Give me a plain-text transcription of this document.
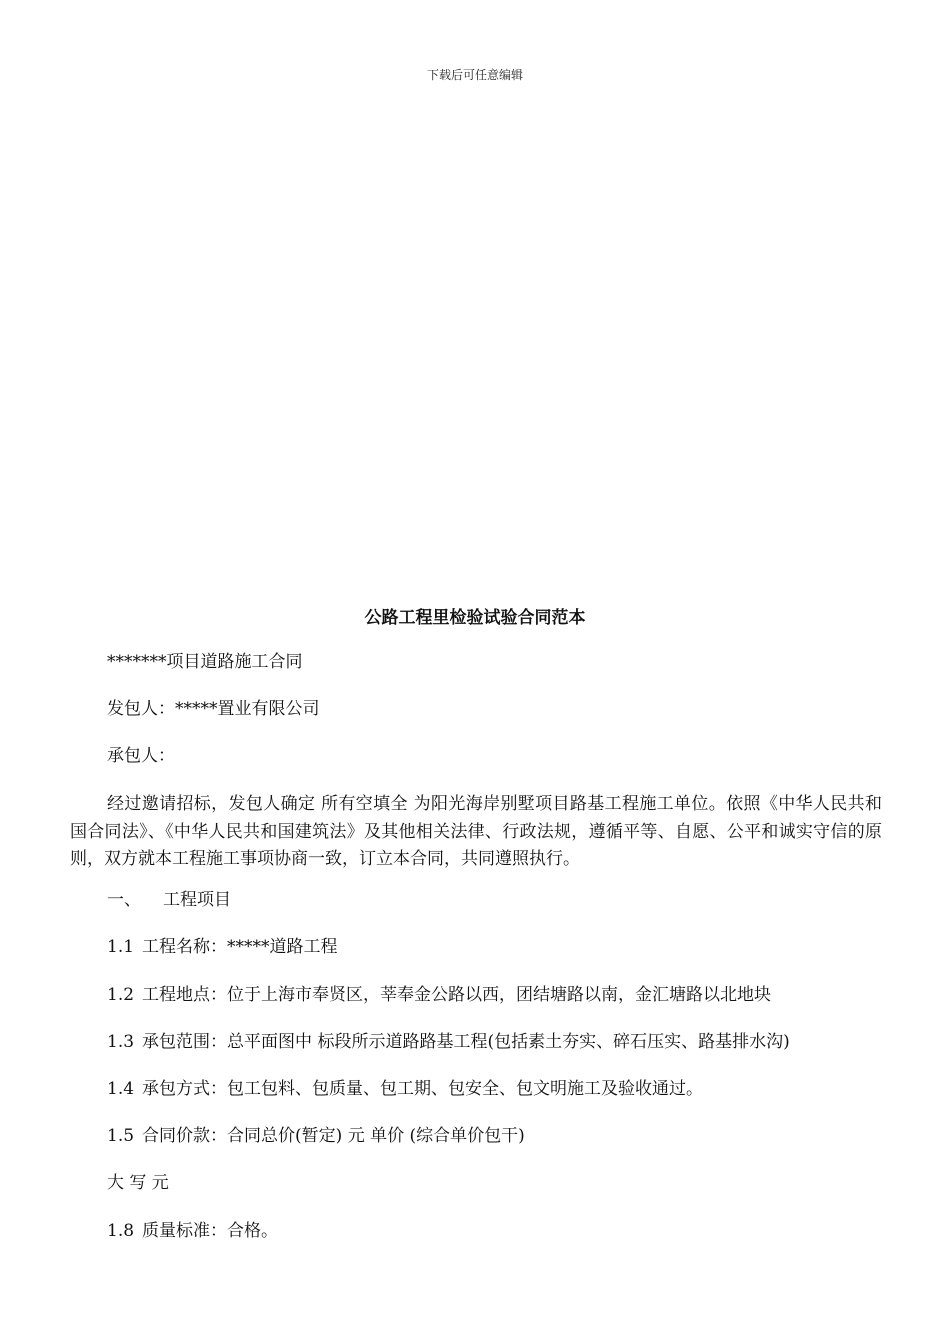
下载后可任意编辑
公路工程里检验试验合同范本
*******项目道路施工合同
发包人：*****置业有限公司
承包人：
经过邀请招标，发包人确定 所有空填全 为阳光海岸别墅项目路基工程施工单位。依照《中华人民共和国合同法》、《中华人民共和国建筑法》及其他相关法律、行政法规，遵循平等、自愿、公平和诚实守信的原则，双方就本工程施工事项协商一致，订立本合同，共同遵照执行。
一、 工程项目
1.1 工程名称：*****道路工程
1.2 工程地点：位于上海市奉贤区，莘奉金公路以西，团结塘路以南，金汇塘路以北地块
1.3 承包范围：总平面图中 标段所示道路路基工程(包括素土夯实、碎石压实、路基排水沟)
1.4 承包方式：包工包料、包质量、包工期、包安全、包文明施工及验收通过。
1.5 合同价款：合同总价(暂定) 元 单价 (综合单价包干)
大 写 元
1.8 质量标准：合格。
